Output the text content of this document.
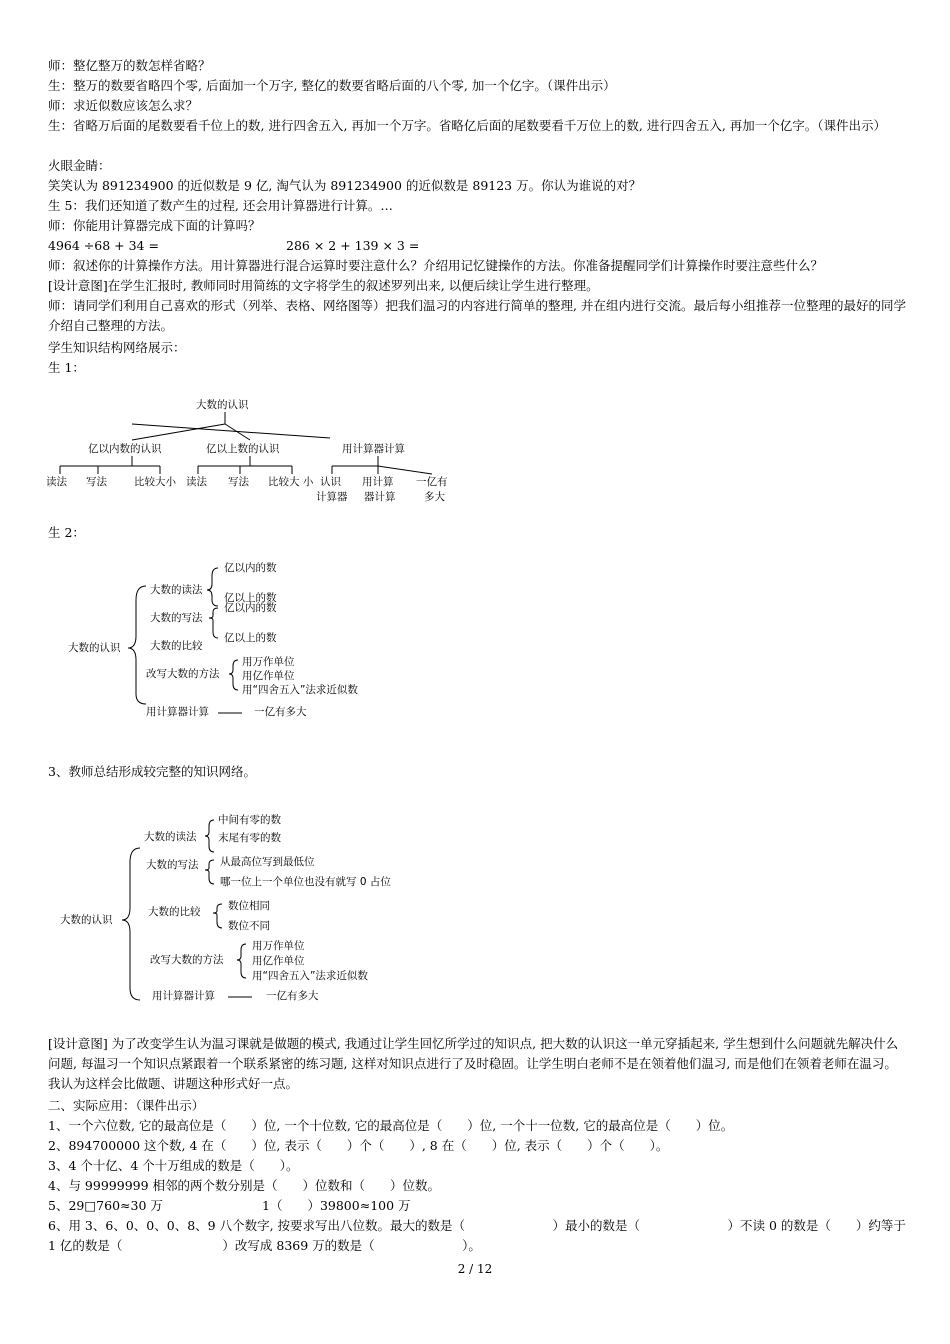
师：整亿整万的数怎样省略？
生：整万的数要省略四个零, 后面加一个万字, 整亿的数要省略后面的八个零, 加一个亿字。（课件出示）
师：求近似数应该怎么求？
生：省略万后面的尾数要看千位上的数, 进行四舍五入, 再加一个万字。省略亿后面的尾数要看千万位上的数, 进行四舍五入, 再加一个亿字。（课件出示）
火眼金睛：
笑笑认为 891234900 的近似数是 9 亿, 淘气认为 891234900 的近似数是 89123 万。你认为谁说的对？
生 5：我们还知道了数产生的过程, 还会用计算器进行计算。…
师：你能用计算器完成下面的计算吗？
4964 ÷68 + 34 =	286 × 2 + 139 × 3 =
师：叙述你的计算操作方法。用计算器进行混合运算时要注意什么？介绍用记忆键操作的方法。你准备提醒同学们计算操作时要注意些什么？
[设计意图]在学生汇报时, 教师同时用简练的文字将学生的叙述罗列出来, 以便后续让学生进行整理。
师：请同学们利用自己喜欢的形式（列举、表格、网络图等）把我们温习的内容进行简单的整理, 并在组内进行交流。最后每小组推荐一位整理的最好的同学介绍自己整理的方法。
学生知识结构网络展示：
生 1：
大数的认识
亿以内数的认识	亿以上数的认识	用计算器计算
读法 写法	比较大小 读法 写法 比较大 小 认识 用计算 一亿有
计算器 器计算	多大
生 2：
大数的认识
大数的读法
亿以内的数
亿以上的数
大数的写法
亿以内的数
亿以上的数
大数的比较
改写大数的方法
用万作单位
用亿作单位
用“四舍五入”法求近似数
用计算器计算	一亿有多大
3、教师总结形成较完整的知识网络。
大数的认识
大数的读法
中间有零的数
末尾有零的数
大数的写法 从最高位写到最低位
哪一位上一个单位也没有就写 0 占位
大数的比较	数位相同
数位不同
改写大数的方法
用万作单位
用亿作单位
用“四舍五入”法求近似数
用计算器计算	一亿有多大
[设计意图] 为了改变学生认为温习课就是做题的模式, 我通过让学生回忆所学过的知识点, 把大数的认识这一单元穿插起来, 学生想到什么问题就先解决什么问题, 每温习一个知识点紧跟着一个联系紧密的练习题, 这样对知识点进行了及时稳固。让学生明白老师不是在领着他们温习, 而是他们在领着老师在温习。我认为这样会比做题、讲题这种形式好一点。
二、实际应用：（课件出示）
1、一个六位数, 它的最高位是（　　）位, 一个十位数, 它的最高位是（　　）位, 一个十一位数, 它的最高位是（　　）位。
2、894700000 这个数, 4 在（　　）位, 表示（　　）个（　　）, 8 在（　　）位, 表示（　　）个（　　）。
3、4 个十亿、4 个十万组成的数是（　　）。
4、与 99999999 相邻的两个数分别是（　　）位数和（　　）位数。
5、29□760≈30 万	1（　　）39800≈100 万
6、用 3、6、0、0、0、8、9 八个数字, 按要求写出八位数。最大的数是（　　　　　　　）最小的数是（　　　　　　　）不读 0 的数是（　　）约等于 1 亿的数是（　　　　　　　　）改写成 8369 万的数是（　　　　　　　）。
2 / 12
